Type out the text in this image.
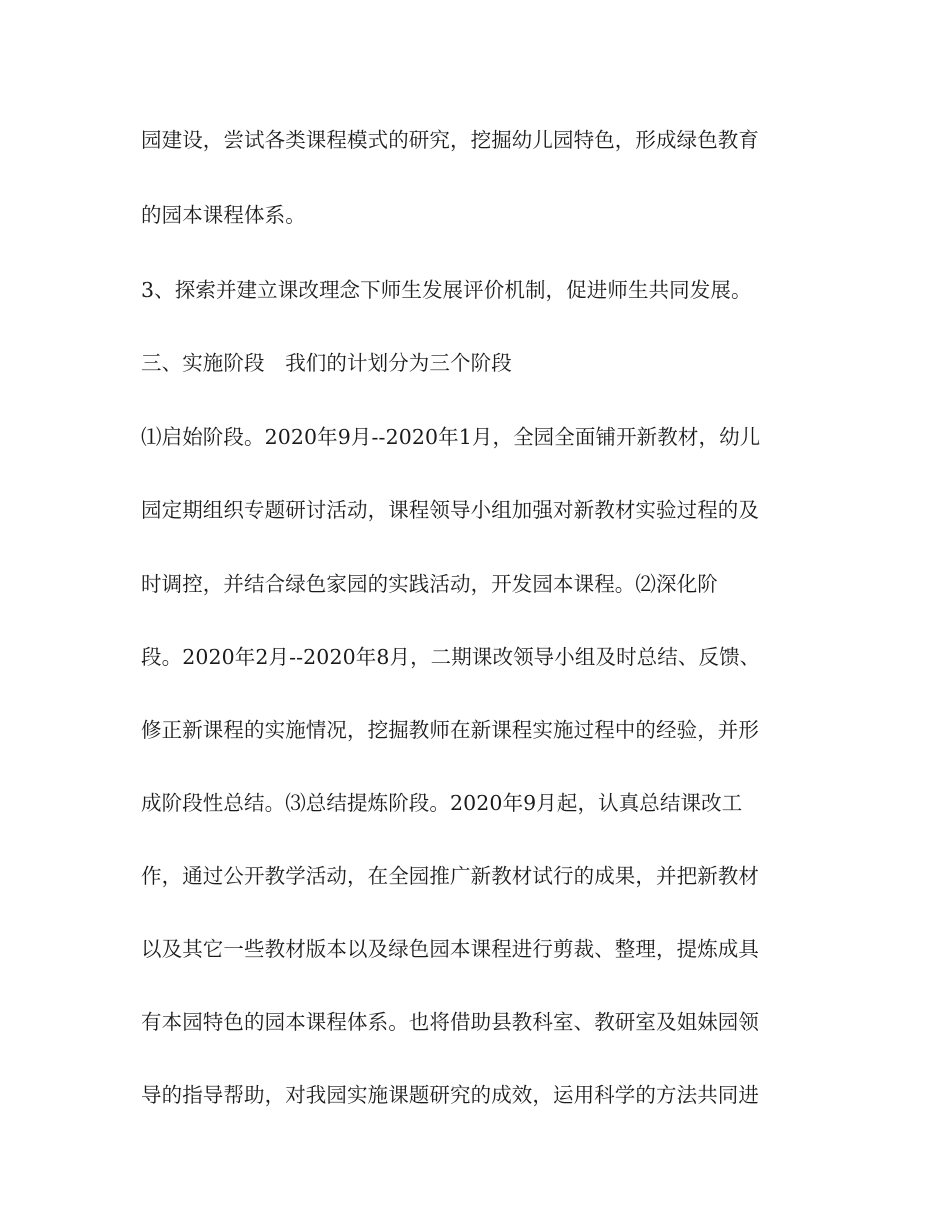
园建设，尝试各类课程模式的研究，挖掘幼儿园特色，形成绿色教育
的园本课程体系。
3、探索并建立课改理念下师生发展评价机制，促进师生共同发展。
三、实施阶段　我们的计划分为三个阶段
⑴启始阶段。2020年9月--2020年1月，全园全面铺开新教材，幼儿
园定期组织专题研讨活动，课程领导小组加强对新教材实验过程的及
时调控，并结合绿色家园的实践活动，开发园本课程。⑵深化阶
段。2020年2月--2020年8月，二期课改领导小组及时总结、反馈、
修正新课程的实施情况，挖掘教师在新课程实施过程中的经验，并形
成阶段性总结。⑶总结提炼阶段。2020年9月起，认真总结课改工
作，通过公开教学活动，在全园推广新教材试行的成果，并把新教材
以及其它一些教材版本以及绿色园本课程进行剪裁、整理，提炼成具
有本园特色的园本课程体系。也将借助县教科室、教研室及姐妹园领
导的指导帮助，对我园实施课题研究的成效，运用科学的方法共同进
